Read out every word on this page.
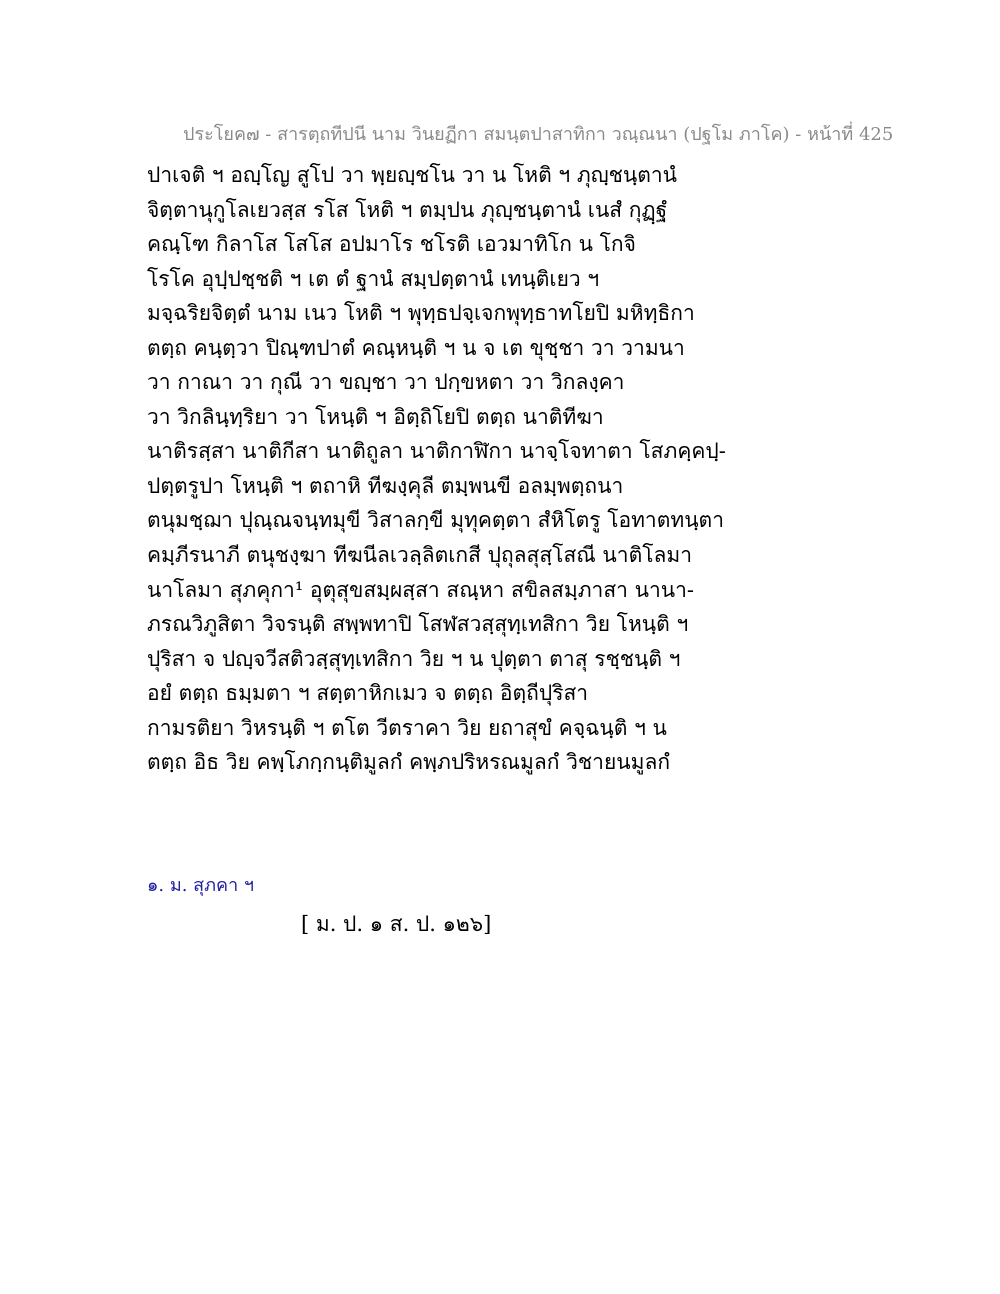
ประโยค๗ - สารตฺถทีปนี นาม วินยฏีกา สมนฺตปาสาทิกา วณฺณนา (ปฐโม ภาโค) - หน้าที่ 425
ปาเจติ ฯ อญฺโญ สูโป วา พฺยญฺชโน วา น โหติ ฯ ภุญฺชนฺตานํ
จิตฺตานุกูโลเยวสฺส รโส โหติ ฯ ตมฺปน ภุญฺชนฺตานํ เนสํ กุฏฺฐํ
คณฺโฑ กิลาโส โสโส อปมาโร ชโรติ เอวมาทิโก น โกจิ
โรโค อุปฺปชฺชติ ฯ เต ตํ ฐานํ สมฺปตฺตานํ เทนฺติเยว ฯ
มจฺฉริยจิตฺตํ นาม เนว โหติ ฯ พุทฺธปจฺเจกพุทฺธาทโยปิ มหิทฺธิกา
ตตฺถ คนฺตฺวา ปิณฺฑปาตํ คณฺหนฺติ ฯ น จ เต ขุชฺชา วา วามนา
วา กาณา วา กุณี วา ขญฺชา วา ปกฺขหตา วา วิกลงฺคา
วา วิกลินฺทฺริยา วา โหนฺติ ฯ อิตฺถิโยปิ ตตฺถ นาติทีฆา
นาติรสฺสา นาติกีสา นาติถูลา นาติกาฬิกา นาจฺโจทาตา โสภคฺคปฺ-
ปตฺตรูปา โหนฺติ ฯ ตถาหิ ทีฆงฺคุลี ตมฺพนขี อลมฺพตฺถนา
ตนุมชฺฌา ปุณฺณจนฺทมุขี วิสาลกฺขี มุทุคตฺตา สํหิโตรู โอทาตทนฺตา
คมฺภีรนาภี ตนุชงฺฆา ทีฆนีลเวลฺลิตเกสี ปุถุลสุสฺโสณี นาติโลมา
นาโลมา สุภคุกา¹ อุตุสุขสมฺผสฺสา สณฺหา สขิลสมฺภาสา นานา-
ภรณวิภูสิตา วิจรนฺติ สพฺพทาปิ โสฬสวสฺสุทฺเทสิกา วิย โหนฺติ ฯ
ปุริสา จ ปญฺจวีสติวสฺสุทฺเทสิกา วิย ฯ น ปุตฺตา ตาสุ รชฺชนฺติ ฯ
อยํ ตตฺถ ธมฺมตา ฯ สตฺตาหิกเมว จ ตตฺถ อิตฺถีปุริสา
กามรติยา วิหรนฺติ ฯ ตโต วีตราคา วิย ยถาสุขํ คจฺฉนฺติ ฯ น
ตตฺถ อิธ วิย คพฺโภกฺกนฺติมูลกํ คพฺภปริหรณมูลกํ วิชายนมูลกํ
๑. ม. สุภคา ฯ
[ ม. ป. ๑ ส. ป. ๑๒๖]
